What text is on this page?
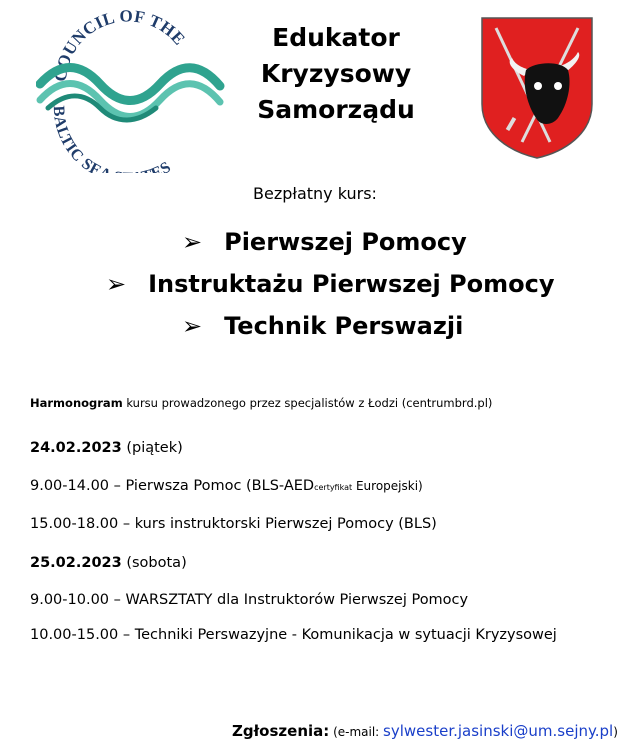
COUNCIL OF THE
BALTIC SE ES
Edukator
Kryzysowy
Samorządu
Bezpłatny kurs:
➢ Pierwszej Pomocy
➢ Instruktażu Pierwszej Pomocy
➢ Technik Perswazji
Harmonogram kursu prowadzonego przez specjalistów z Łodzi (centrumbrd.pl)
24.02.2023 (piątek)
9.00-14.00 – Pierwsza Pomoc (BLS-AEDcertyfikat Europejski)
15.00-18.00 – kurs instruktorski Pierwszej Pomocy (BLS)
25.02.2023 (sobota)
9.00-10.00 – WARSZTATY dla Instruktorów Pierwszej Pomocy
10.00-15.00 – Techniki Perswazyjne - Komunikacja w sytuacji Kryzysowej
Zgłoszenia: (e-mail: sylwester.jasinski@um.sejny.pl)
